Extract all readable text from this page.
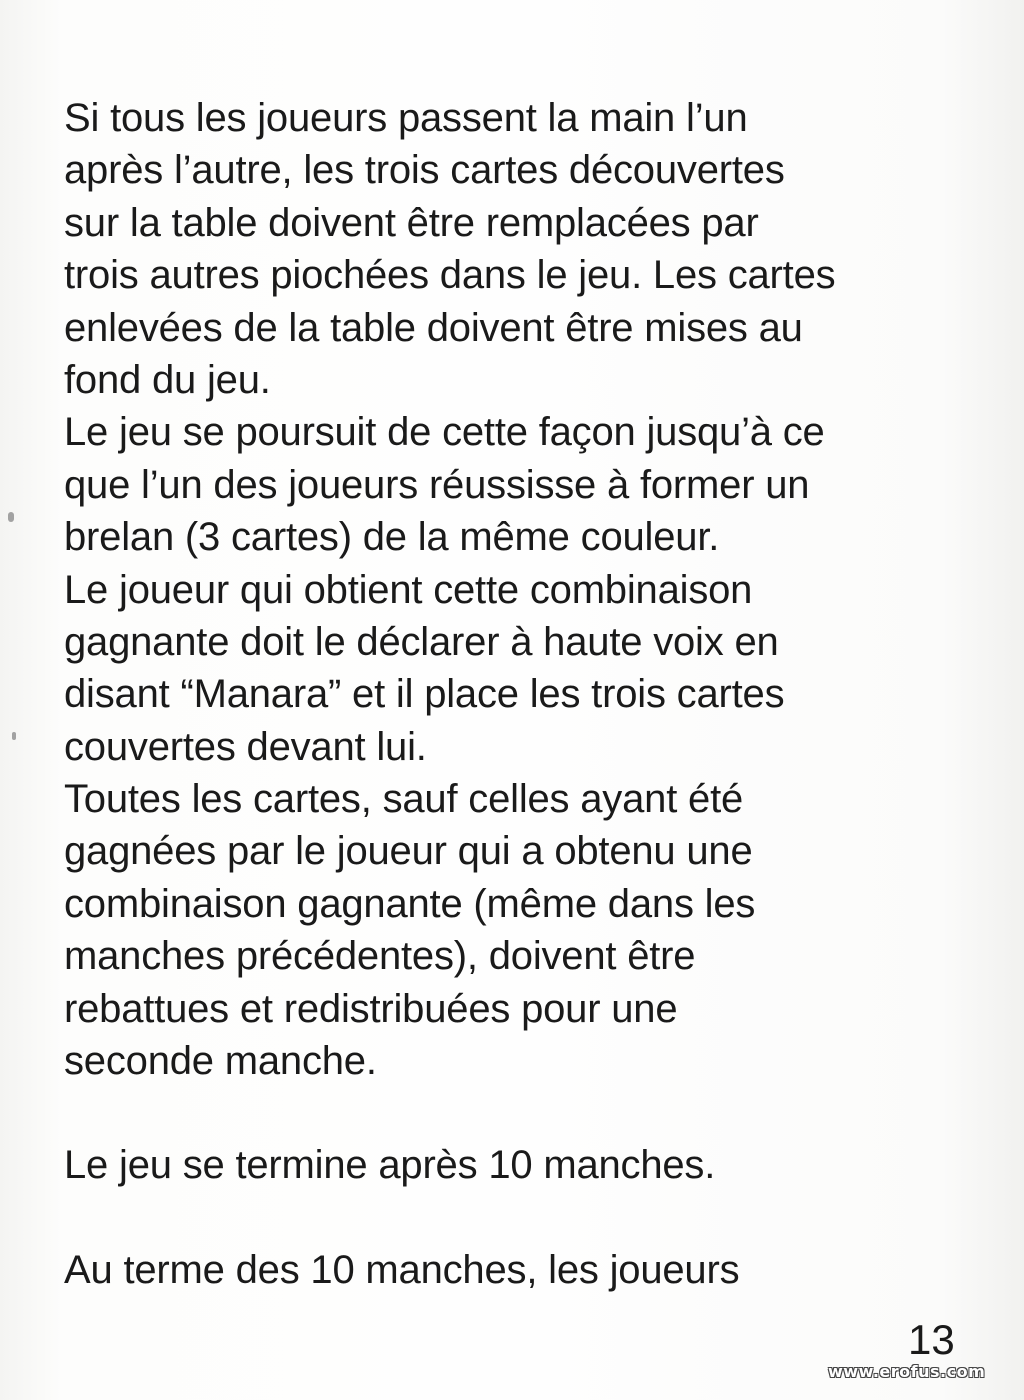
Si tous les joueurs passent la main l’un
après l’autre, les trois cartes découvertes
sur la table doivent être remplacées par
trois autres piochées dans le jeu. Les cartes
enlevées de la table doivent être mises au
fond du jeu.
Le jeu se poursuit de cette façon jusqu’à ce
que l’un des joueurs réussisse à former un
brelan (3 cartes) de la même couleur.
Le joueur qui obtient cette combinaison
gagnante doit le déclarer à haute voix en
disant “Manara” et il place les trois cartes
couvertes devant lui.
Toutes les cartes, sauf celles ayant été
gagnées par le joueur qui a obtenu une
combinaison gagnante (même dans les
manches précédentes), doivent être
rebattues et redistribuées pour une
seconde manche.
Le jeu se termine après 10 manches.
Au terme des 10 manches, les joueurs
13
www.erofus.com
